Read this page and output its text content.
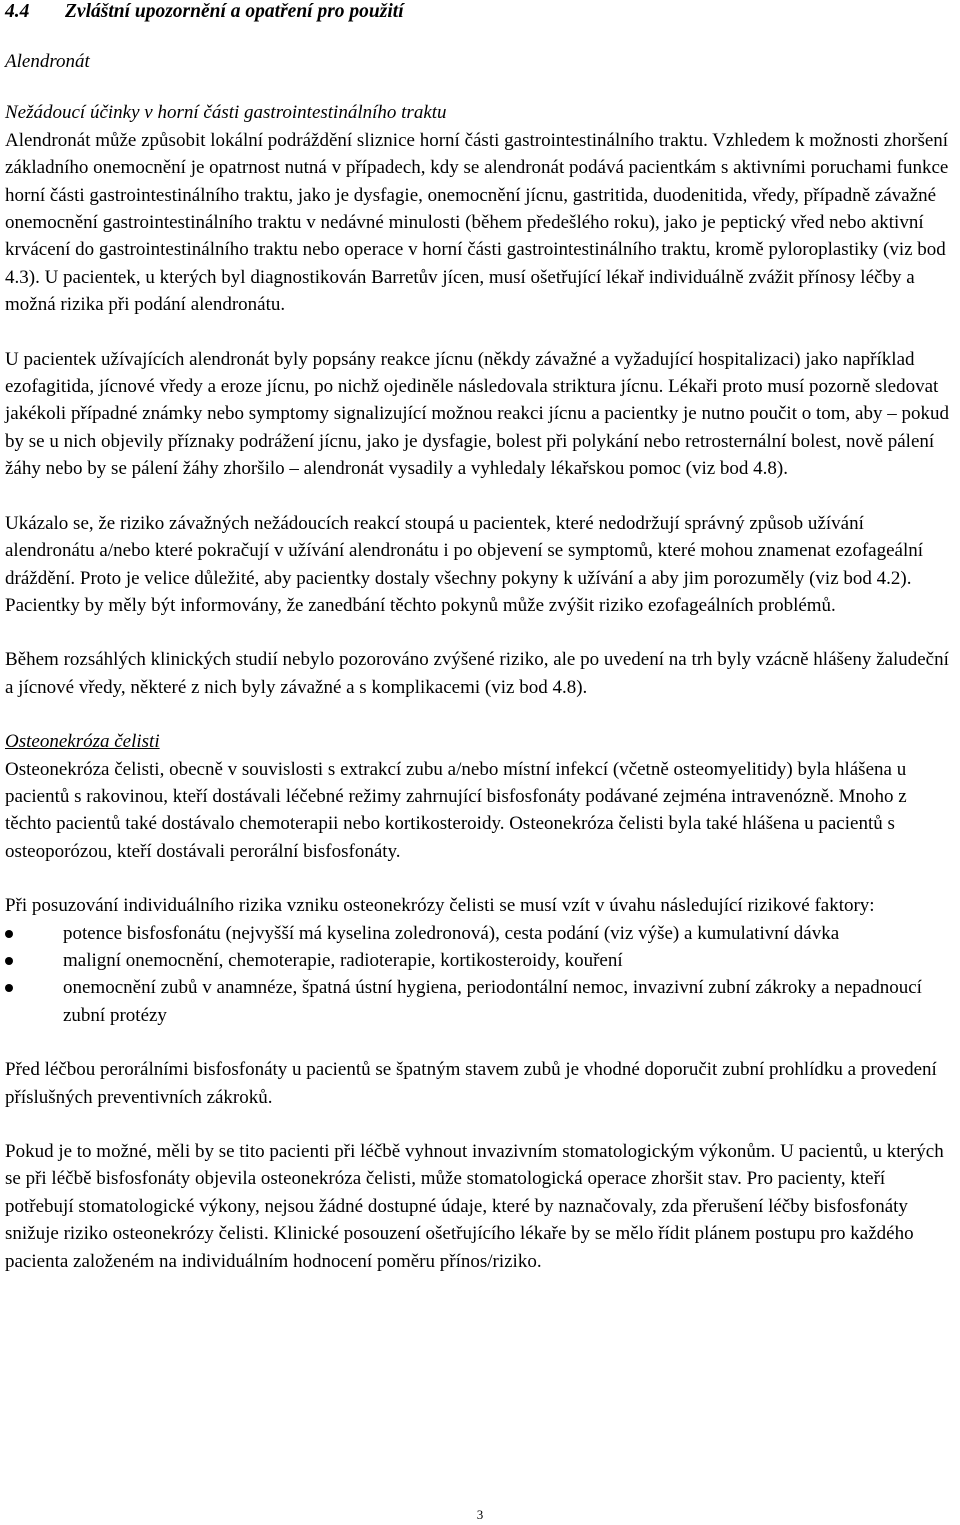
4.4	Zvláštní upozornění a opatření pro použití
Alendronát
Nežádoucí účinky v horní části gastrointestinálního traktu

Alendronát může způsobit lokální podráždění sliznice horní části gastrointestinálního traktu. Vzhledem k možnosti zhoršení základního onemocnění je opatrnost nutná v případech, kdy se alendronát podává pacientkám s aktivními poruchami funkce horní části gastrointestinálního traktu, jako je dysfagie, onemocnění jícnu, gastritida, duodenitida, vředy, případně závažné onemocnění gastrointestinálního traktu v nedávné minulosti (během předešlého roku), jako je peptický vřed nebo aktivní krvácení do gastrointestinálního traktu nebo operace v horní části gastrointestinálního traktu, kromě pyloroplastiky (viz bod 4.3). U pacientek, u kterých byl diagnostikován Barretův jícen, musí ošetřující lékař individuálně zvážit přínosy léčby a možná rizika při podání alendronátu.

U pacientek užívajících alendronát byly popsány reakce jícnu (někdy závažné a vyžadující hospitalizaci) jako například ezofagitida, jícnové vředy a eroze jícnu, po nichž ojediněle následovala striktura jícnu. Lékaři proto musí pozorně sledovat jakékoli případné známky nebo symptomy signalizující možnou reakci jícnu a pacientky je nutno poučit o tom, aby – pokud by se u nich objevily příznaky podrážení jícnu, jako je dysfagie, bolest při polykání nebo retrosternální bolest, nově pálení žáhy nebo by se pálení žáhy zhoršilo – alendronát vysadily a vyhledaly lékařskou pomoc (viz bod 4.8).

Ukázalo se, že riziko závažných nežádoucích reakcí stoupá u pacientek, které nedodržují správný způsob užívání alendronátu a/nebo které pokračují v užívání alendronátu i po objevení se symptomů, které mohou znamenat ezofageální dráždění. Proto je velice důležité, aby pacientky dostaly všechny pokyny k užívání a aby jim porozuměly (viz bod 4.2). Pacientky by měly být informovány, že zanedbání těchto pokynů může zvýšit riziko ezofageálních problémů.

Během rozsáhlých klinických studií nebylo pozorováno zvýšené riziko, ale po uvedení na trh byly vzácně hlášeny žaludeční a jícnové vředy, některé z nich byly závažné a s komplikacemi (viz bod 4.8).

Osteonekróza čelisti

Osteonekróza čelisti, obecně v souvislosti s extrakcí zubu a/nebo místní infekcí (včetně osteomyelitidy) byla hlášena u pacientů s rakovinou, kteří dostávali léčebné režimy zahrnující bisfosfonáty podávané zejména intravenózně. Mnoho z těchto pacientů také dostávalo chemoterapii nebo kortikosteroidy. Osteonekróza čelisti byla také hlášena u pacientů s osteoporózou, kteří dostávali perorální bisfosfonáty.

Při posuzování individuálního rizika vzniku osteonekrózy čelisti se musí vzít v úvahu následující rizikové faktory:

potence bisfosfonátu (nejvyšší má kyselina zoledronová), cesta podání (viz výše) a kumulativní dávka
maligní onemocnění, chemoterapie, radioterapie, kortikosteroidy, kouření
onemocnění zubů v anamnéze, špatná ústní hygiena, periodontální nemoc, invazivní zubní zákroky a nepadnoucí zubní protézy

Před léčbou perorálními bisfosfonáty u pacientů se špatným stavem zubů je vhodné doporučit zubní prohlídku a provedení příslušných preventivních zákroků.

Pokud je to možné, měli by se tito pacienti při léčbě vyhnout invazivním stomatologickým výkonům. U pacientů, u kterých se při léčbě bisfosfonáty objevila osteonekróza čelisti, může stomatologická operace zhoršit stav. Pro pacienty, kteří potřebují stomatologické výkony, nejsou žádné dostupné údaje, které by naznačovaly, zda přerušení léčby bisfosfonáty snižuje riziko osteonekrózy čelisti. Klinické posouzení ošetřujícího lékaře by se mělo řídit plánem postupu pro každého pacienta založeném na individuálním hodnocení poměru přínos/riziko.

3
